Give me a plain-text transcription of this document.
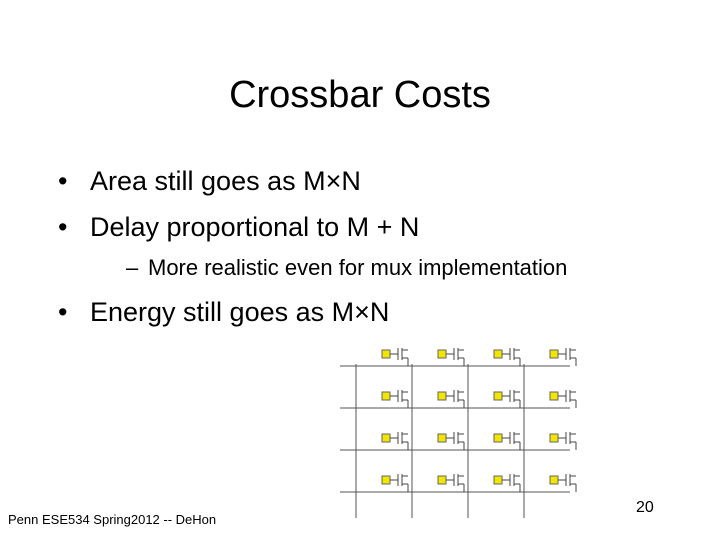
Crossbar Costs
• Area still goes as M×N
• Delay proportional to M + N
– More realistic even for mux implementation
• Energy still goes as M×N
Penn ESE534 Spring2012 -- DeHon
20
